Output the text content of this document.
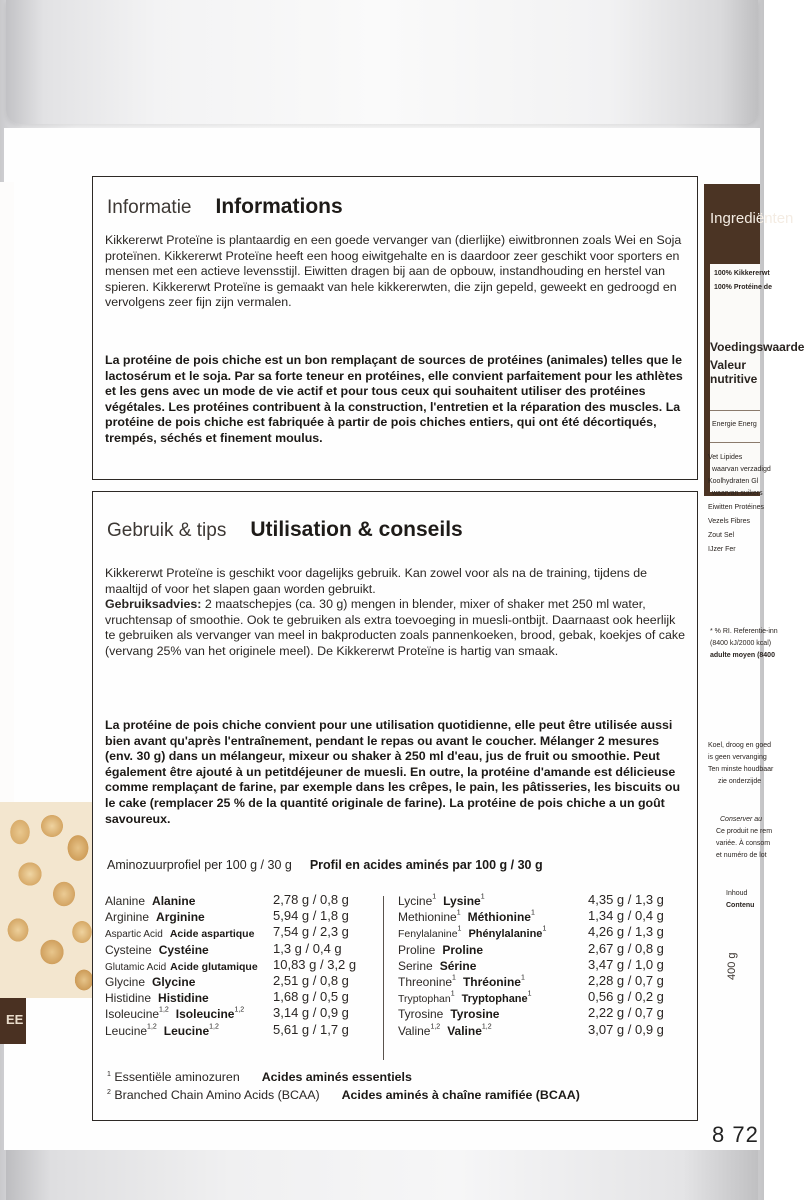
EE
Ingrediënten
100% Kikkererwt
100% Protéine de
Voedingswaarde
Valeur nutritive
Energie Energ
Vet Lipides
waarvan verzadigd
Koolhydraten Gl
waarvan suikers
Eiwitten Protéines
Vezels Fibres
Zout Sel
IJzer Fer
* % RI. Referentie-inn
(8400 kJ/2000 kcal)
adulte moyen (8400
Koel, droog en goed
is geen vervanging
Ten minste houdbaar
zie onderzijde
Conserver au
Ce produit ne rem
variée. À consom
et numéro de lot
Inhoud
Contenu
400 g
8 72
Informatie Informations
Kikkererwt Proteïne is plantaardig en een goede vervanger van (dierlijke) eiwitbronnen zoals Wei en Soja proteïnen. Kikkererwt Proteïne heeft een hoog eiwitgehalte en is daardoor zeer geschikt voor sporters en mensen met een actieve levensstijl. Eiwitten dragen bij aan de opbouw, instandhouding en herstel van spieren. Kikkererwt Proteïne is gemaakt van hele kikkererwten, die zijn gepeld, geweekt en gedroogd en vervolgens zeer fijn zijn vermalen.
La protéine de pois chiche est un bon remplaçant de sources de protéines (animales) telles que le lactosérum et le soja. Par sa forte teneur en protéines, elle convient parfaitement pour les athlètes et les gens avec un mode de vie actif et pour tous ceux qui souhaitent utiliser des protéines végétales. Les protéines contribuent à la construction, l'entretien et la réparation des muscles. La protéine de pois chiche est fabriquée à partir de pois chiches entiers, qui ont été décortiqués, trempés, séchés et finement moulus.
Gebruik & tips Utilisation & conseils
Kikkererwt Proteïne is geschikt voor dagelijks gebruik. Kan zowel voor als na de training, tijdens de maaltijd of voor het slapen gaan worden gebruikt.
Gebruiksadvies: 2 maatschepjes (ca. 30 g) mengen in blender, mixer of shaker met 250 ml water, vruchtensap of smoothie. Ook te gebruiken als extra toevoeging in muesli-ontbijt. Daarnaast ook heerlijk te gebruiken als vervanger van meel in bakproducten zoals pannenkoeken, brood, gebak, koekjes of cake (vervang 25% van het originele meel). De Kikkererwt Proteïne is hartig van smaak.
La protéine de pois chiche convient pour une utilisation quotidienne, elle peut être utilisée aussi bien avant qu'après l'entraînement, pendant le repas ou avant le coucher. Mélanger 2 mesures (env. 30 g) dans un mélangeur, mixeur ou shaker à 250 ml d'eau, jus de fruit ou smoothie. Peut également être ajouté à un petitdéjeuner de muesli. En outre, la protéine d'amande est délicieuse comme remplaçant de farine, par exemple dans les crêpes, le pain, les pâtisseries, les biscuits ou le cake (remplacer 25 % de la quantité originale de farine). La protéine de pois chiche a un goût savoureux.
Aminozuurprofiel per 100 g / 30 g Profil en acides aminés par 100 g / 30 g
Alanine Alanine	2,78 g / 0,8 g
Arginine Arginine	5,94 g / 1,8 g
Aspartic Acid Acide aspartique 7,54 g / 2,3 g
Cysteine Cystéine	1,3 g / 0,4 g
Glutamic Acid Acide glutamique 10,83 g / 3,2 g
Glycine Glycine	2,51 g / 0,8 g
Histidine Histidine	1,68 g / 0,5 g
Isoleucine$^{1,2}$ Isoleucine$^{1,2}$ 3,14 g / 0,9 g
Leucine$^{1,2}$ Leucine$^{1,2}$	5,61 g / 1,7 g
Lycine$^1$ Lysine$^1$	4,35 g / 1,3 g
Methionine$^1$ Méthionine$^1$	1,34 g / 0,4 g
Fenylalanine$^1$ Phénylalanine$^1$	4,26 g / 1,3 g
Proline Proline	2,67 g / 0,8 g
Serine Sérine	3,47 g / 1,0 g
Threonine$^1$ Thréonine$^1$	2,28 g / 0,7 g
Tryptophan$^1$ Tryptophane$^1$	0,56 g / 0,2 g
Tyrosine Tyrosine	2,22 g / 0,7 g
Valine$^{1,2}$ Valine$^{1,2}$	3,07 g / 0,9 g
$^1$ Essentiële aminozuren Acides aminés essentiels
$^2$ Branched Chain Amino Acids (BCAA) Acides aminés à chaîne ramifiée (BCAA)
